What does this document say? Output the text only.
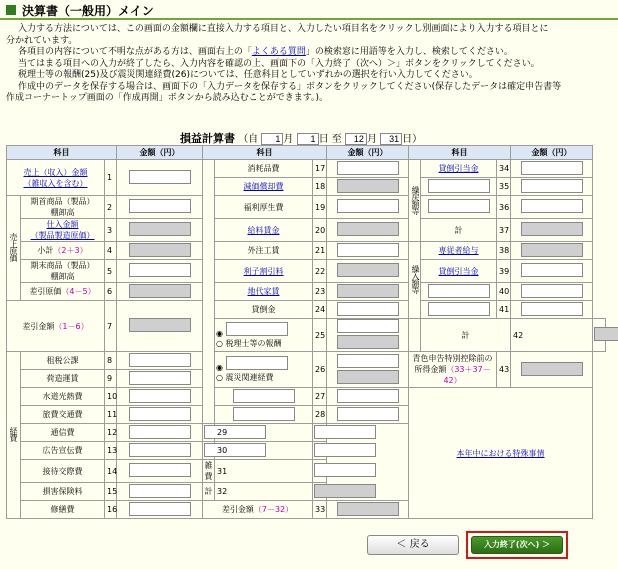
決算書（一般用）メイン

入力する方法については、この画面の金額欄に直接入力する項目と、入力したい項目名をクリックし別画面により入力する項目とに

分かれています。

各項目の内容について不明な点がある方は、画面右上の「よくある質問」の検索窓に用語等を入力し、検索してください。

当てはまる項目への入力が終了したら、入力内容を確認の上、画面下の「入力終了（次へ）＞」ボタンをクリックしてください。

税理士等の報酬(25)及び震災関連経費(26)については、任意科目としていずれかの選択を行い入力してください。

作成中のデータを保存する場合は、画面下の「入力データを保存する」ボタンをクリックしてください(保存したデータは確定申告書等

作成コーナートップ画面の「作成再開」ボタンから読み込むことができます。)。

損益計算書 （自 1	月 1	日 至 12	月 31	日）
科目			金額（円）	科目			金額（円）	科目			金額（円）	
売上（収入）金額
（雑収入を含む）		1			消耗品費	17		繰戻額等	貸倒引当金	34		
					減価償却費	18				35		
売上原価	期首商品（製品）
棚卸高	2			福利厚生費	19				36		
	仕入金額
（製品製造原価）	3			給料賃金	20			計	37		
	小計（2＋3）	4			外注工賃	21		繰入額等	専従者給与	38		
	期末商品（製品）
棚卸高	5			利子割引料	22			貸倒引当金	39		
	差引原価（4－5）	6			地代家賃	23				40		
差引金額（1－6）		7			貸倒金	24				41		
					◉
○ 税理士等の報酬	25			計		42	

経費	租税公課	8			◉
○ 震災関連経費	26		青色申告特別控除前の
所得金額（33＋37－42）		43		
	荷造運賃	9										
	水道光熱費	10				27		本年中における特殊事情				
	旅費交通費	11				28						
	通信費	12			29							
	広告宣伝費	13			30							
	接待交際費	14		雑費	31							
	損害保険料	15		計	32							
	修繕費	16		差引金額（7－32）		33						
＜ 戻る	入力終了(次へ) ＞
